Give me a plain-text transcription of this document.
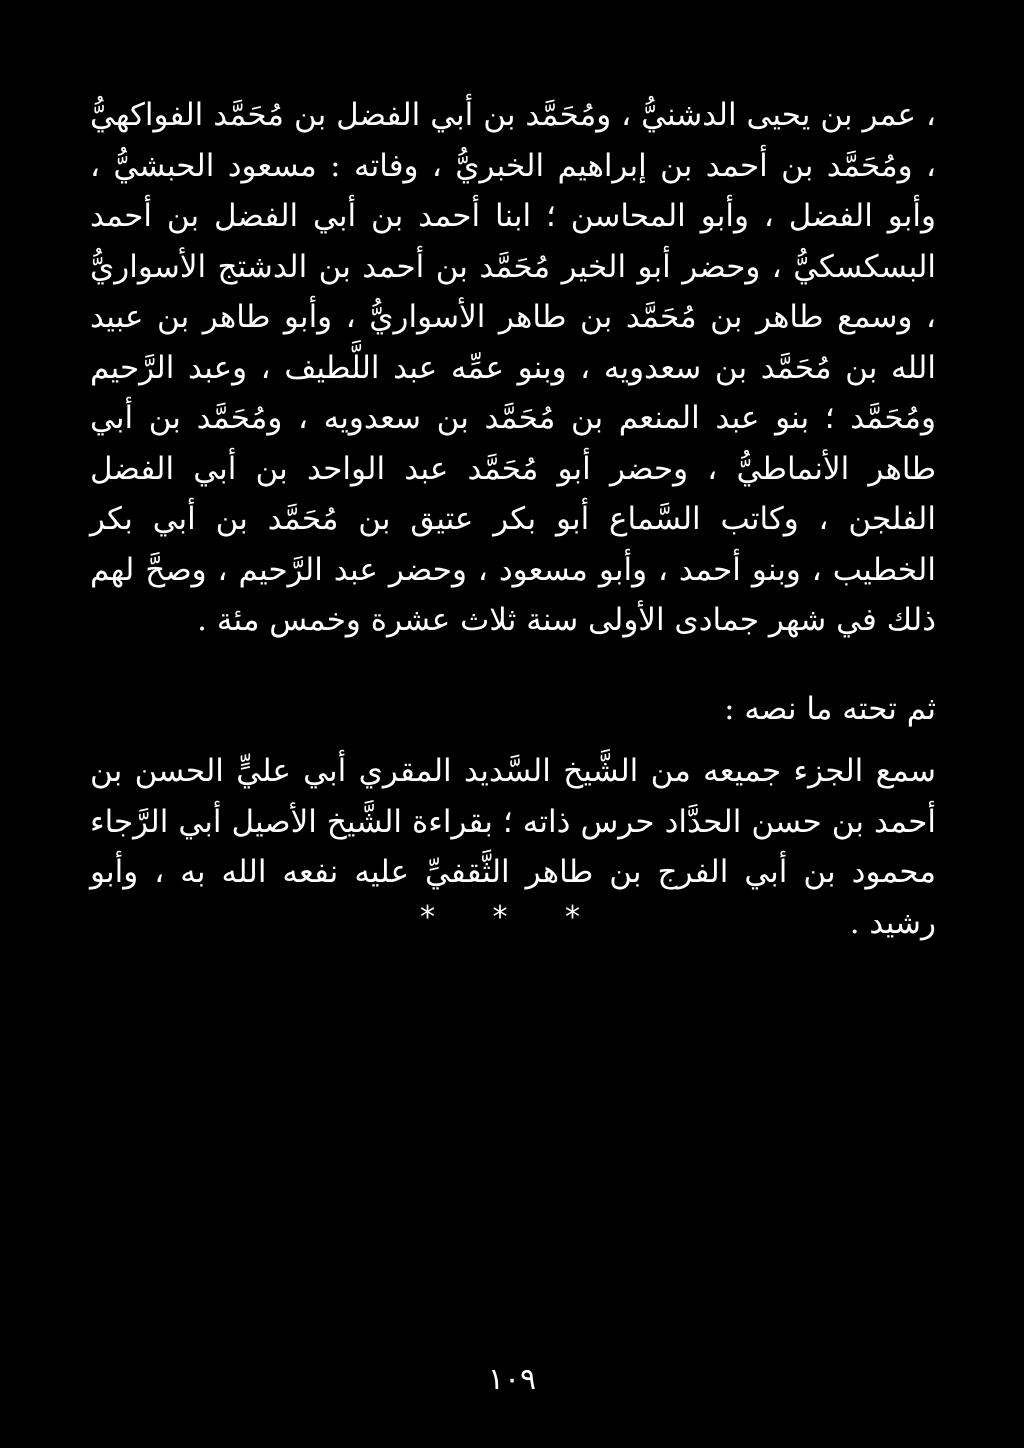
، عمر بن يحيى الدشنيُّ ، ومُحَمَّد بن أبي الفضل بن مُحَمَّد الفواكهيُّ ، ومُحَمَّد بن أحمد بن إبراهيم الخبريُّ ، وفاته : مسعود الحبشيُّ ، وأبو الفضل ، وأبو المحاسن ؛ ابنا أحمد بن أبي الفضل بن أحمد البسكسكيُّ ، وحضر أبو الخير مُحَمَّد بن أحمد بن الدشتج الأسواريُّ ، وسمع طاهر بن مُحَمَّد بن طاهر الأسواريُّ ، وأبو طاهر بن عبيد الله بن مُحَمَّد بن سعدويه ، وبنو عمِّه عبد اللَّطيف ، وعبد الرَّحيم ومُحَمَّد ؛ بنو عبد المنعم بن مُحَمَّد بن سعدويه ، ومُحَمَّد بن أبي طاهر الأنماطيُّ ، وحضر أبو مُحَمَّد عبد الواحد بن أبي الفضل الفلجن ، وكاتب السَّماع أبو بكر عتيق بن مُحَمَّد بن أبي بكر الخطيب ، وبنو أحمد ، وأبو مسعود ، وحضر عبد الرَّحيم ، وصحَّ لهم ذلك في شهر جمادى الأولى سنة ثلاث عشرة وخمس مئة .

ثم تحته ما نصه :

سمع الجزء جميعه من الشَّيخ السَّديد المقري أبي عليٍّ الحسن بن أحمد بن حسن الحدَّاد حرس ذاته ؛ بقراءة الشَّيخ الأصيل أبي الرَّجاء محمود بن أبي الفرج بن طاهر الثَّقفيِّ عليه نفعه الله به ، وأبو رشيد .

* * *
١٠٩
